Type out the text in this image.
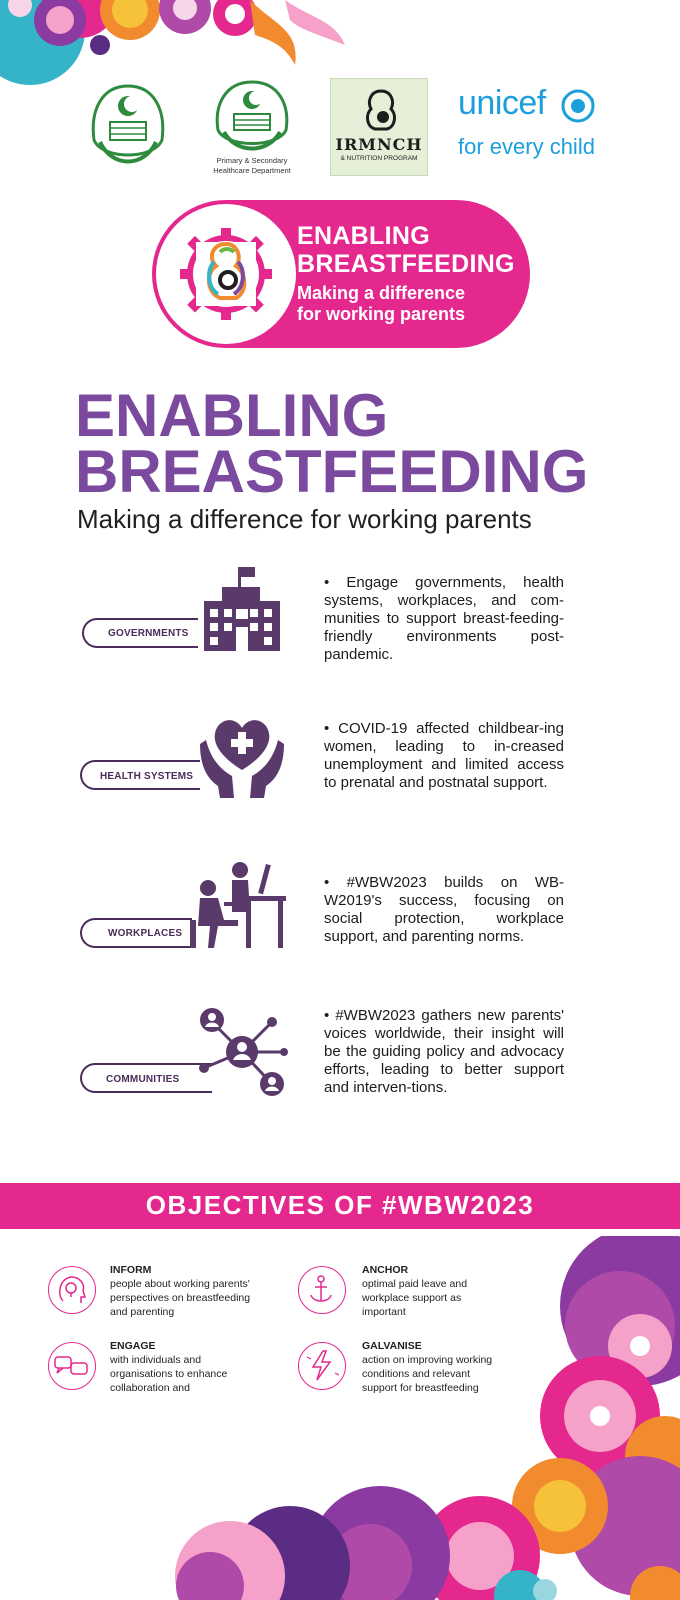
Primary & Secondary
Healthcare Department
IRMNCH
& NUTRITION PROGRAM
unicef
for every child
ENABLING
BREASTFEEDING
Making a difference
for working parents
ENABLING
BREASTFEEDING
Making a difference for working parents
GOVERNMENTS
• Engage governments, health systems, workplaces, and com-munities to support breast-feeding-friendly environments post-pandemic.
HEALTH SYSTEMS
• COVID-19 affected childbear-ing women, leading to in-creased unemployment and limited access to prenatal and postnatal support.
WORKPLACES
• #WBW2023 builds on WB-W2019's success, focusing on social protection, workplace support, and parenting norms.
COMMUNITIES
• #WBW2023 gathers new parents' voices worldwide, their insight will be the guiding policy and advocacy efforts, leading to better support and interven-tions.
OBJECTIVES OF #WBW2023
INFORM
people about working parents'
perspectives on breastfeeding
and parenting
ANCHOR
optimal paid leave and
workplace support as
important
ENGAGE
with individuals and
organisations to enhance
collaboration and
GALVANISE
action on improving working
conditions and relevant
support for breastfeeding
